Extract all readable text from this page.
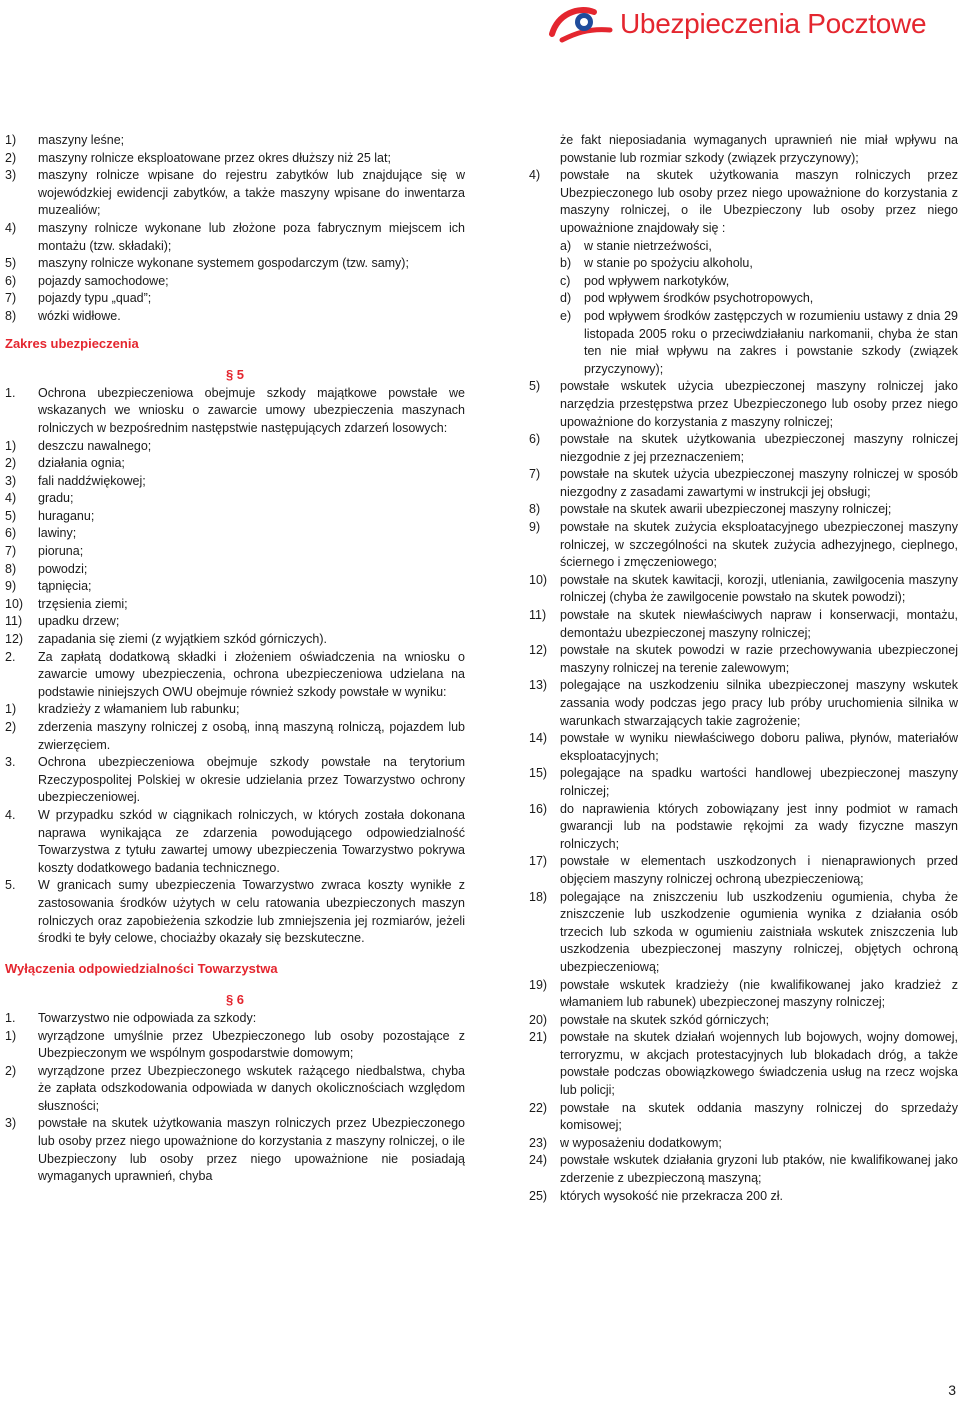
Ubezpieczenia Pocztowe
1) maszyny leśne;
2) maszyny rolnicze eksploatowane przez okres dłuższy niż 25 lat;
3) maszyny rolnicze wpisane do rejestru zabytków lub znajdujące się w wojewódzkiej ewidencji zabytków, a także maszyny wpisane do inwentarza muzealiów;
4) maszyny rolnicze wykonane lub złożone poza fabrycznym miejscem ich montażu (tzw. składaki);
5) maszyny rolnicze wykonane systemem gospodarczym (tzw. samy);
6) pojazdy samochodowe;
7) pojazdy typu „quad”;
8) wózki widłowe.
Zakres ubezpieczenia
§ 5
1. Ochrona ubezpieczeniowa obejmuje szkody majątkowe powstałe we wskazanych we wniosku o zawarcie umowy ubezpieczenia maszynach rolniczych w bezpośrednim następstwie następujących zdarzeń losowych:
1) deszczu nawalnego;
2) działania ognia;
3) fali naddźwiękowej;
4) gradu;
5) huraganu;
6) lawiny;
7) pioruna;
8) powodzi;
9) tąpnięcia;
10) trzęsienia ziemi;
11) upadku drzew;
12) zapadania się ziemi (z wyjątkiem szkód górniczych).
2. Za zapłatą dodatkową składki i złożeniem oświadczenia na wniosku o zawarcie umowy ubezpieczenia, ochrona ubezpieczeniowa udzielana na podstawie niniejszych OWU obejmuje również szkody powstałe w wyniku:
1) kradzieży z włamaniem lub rabunku;
2) zderzenia maszyny rolniczej z osobą, inną maszyną rolniczą, pojazdem lub zwierzęciem.
3. Ochrona ubezpieczeniowa obejmuje szkody powstałe na terytorium Rzeczypospolitej Polskiej w okresie udzielania przez Towarzystwo ochrony ubezpieczeniowej.
4. W przypadku szkód w ciągnikach rolniczych, w których została dokonana naprawa wynikająca ze zdarzenia powodującego odpowiedzialność Towarzystwa z tytułu zawartej umowy ubezpieczenia Towarzystwo pokrywa koszty dodatkowego badania technicznego.
5. W granicach sumy ubezpieczenia Towarzystwo zwraca koszty wynikłe z zastosowania środków użytych w celu ratowania ubezpieczonych maszyn rolniczych oraz zapobieżenia szkodzie lub zmniejszenia jej rozmiarów, jeżeli środki te były celowe, chociażby okazały się bezskuteczne.
Wyłączenia odpowiedzialności Towarzystwa
§ 6
1. Towarzystwo nie odpowiada za szkody:
1) wyrządzone umyślnie przez Ubezpieczonego lub osoby pozostające z Ubezpieczonym we wspólnym gospodarstwie domowym;
2) wyrządzone przez Ubezpieczonego wskutek rażącego niedbalstwa, chyba że zapłata odszkodowania odpowiada w danych okolicznościach względom słuszności;
3) powstałe na skutek użytkowania maszyn rolniczych przez Ubezpieczonego lub osoby przez niego upoważnione do korzystania z maszyny rolniczej, o ile Ubezpieczony lub osoby przez niego upoważnione nie posiadają wymaganych uprawnień, chyba
że fakt nieposiadania wymaganych uprawnień nie miał wpływu na powstanie lub rozmiar szkody (związek przyczynowy);
4) powstałe na skutek użytkowania maszyn rolniczych przez Ubezpieczonego lub osoby przez niego upoważnione do korzystania z maszyny rolniczej, o ile Ubezpieczony lub osoby przez niego upoważnione znajdowały się :
a) w stanie nietrzeźwości,
b) w stanie po spożyciu alkoholu,
c) pod wpływem narkotyków,
d) pod wpływem środków psychotropowych,
e) pod wpływem środków zastępczych w rozumieniu ustawy z dnia 29 listopada 2005 roku o przeciwdziałaniu narkomanii, chyba że stan ten nie miał wpływu na zakres i powstanie szkody (związek przyczynowy);
5) powstałe wskutek użycia ubezpieczonej maszyny rolniczej jako narzędzia przestępstwa przez Ubezpieczonego lub osoby przez niego upoważnione do korzystania z maszyny rolniczej;
6) powstałe na skutek użytkowania ubezpieczonej maszyny rolniczej niezgodnie z jej przeznaczeniem;
7) powstałe na skutek użycia ubezpieczonej maszyny rolniczej w sposób niezgodny z zasadami zawartymi w instrukcji jej obsługi;
8) powstałe na skutek awarii ubezpieczonej maszyny rolniczej;
9) powstałe na skutek zużycia eksploatacyjnego ubezpieczonej maszyny rolniczej, w szczególności na skutek zużycia adhezyjnego, cieplnego, ściernego i zmęczeniowego;
10) powstałe na skutek kawitacji, korozji, utleniania, zawilgocenia maszyny rolniczej (chyba że zawilgocenie powstało na skutek powodzi);
11) powstałe na skutek niewłaściwych napraw i konserwacji, montażu, demontażu ubezpieczonej maszyny rolniczej;
12) powstałe na skutek powodzi w razie przechowywania ubezpieczonej maszyny rolniczej na terenie zalewowym;
13) polegające na uszkodzeniu silnika ubezpieczonej maszyny wskutek zassania wody podczas jego pracy lub próby uruchomienia silnika w warunkach stwarzających takie zagrożenie;
14) powstałe w wyniku niewłaściwego doboru paliwa, płynów, materiałów eksploatacyjnych;
15) polegające na spadku wartości handlowej ubezpieczonej maszyny rolniczej;
16) do naprawienia których zobowiązany jest inny podmiot w ramach gwarancji lub na podstawie rękojmi za wady fizyczne maszyn rolniczych;
17) powstałe w elementach uszkodzonych i nienaprawionych przed objęciem maszyny rolniczej ochroną ubezpieczeniową;
18) polegające na zniszczeniu lub uszkodzeniu ogumienia, chyba że zniszczenie lub uszkodzenie ogumienia wynika z działania osób trzecich lub szkoda w ogumieniu zaistniała wskutek zniszczenia lub uszkodzenia ubezpieczonej maszyny rolniczej, objętych ochroną ubezpieczeniową;
19) powstałe wskutek kradzieży (nie kwalifikowanej jako kradzież z włamaniem lub rabunek) ubezpieczonej maszyny rolniczej;
20) powstałe na skutek szkód górniczych;
21) powstałe na skutek działań wojennych lub bojowych, wojny domowej, terroryzmu, w akcjach protestacyjnych lub blokadach dróg, a także powstałe podczas obowiązkowego świadczenia usług na rzecz wojska lub policji;
22) powstałe na skutek oddania maszyny rolniczej do sprzedaży komisowej;
23) w wyposażeniu dodatkowym;
24) powstałe wskutek działania gryzoni lub ptaków, nie kwalifikowanej jako zderzenie z ubezpieczoną maszyną;
25) których wysokość nie przekracza 200 zł.
3
